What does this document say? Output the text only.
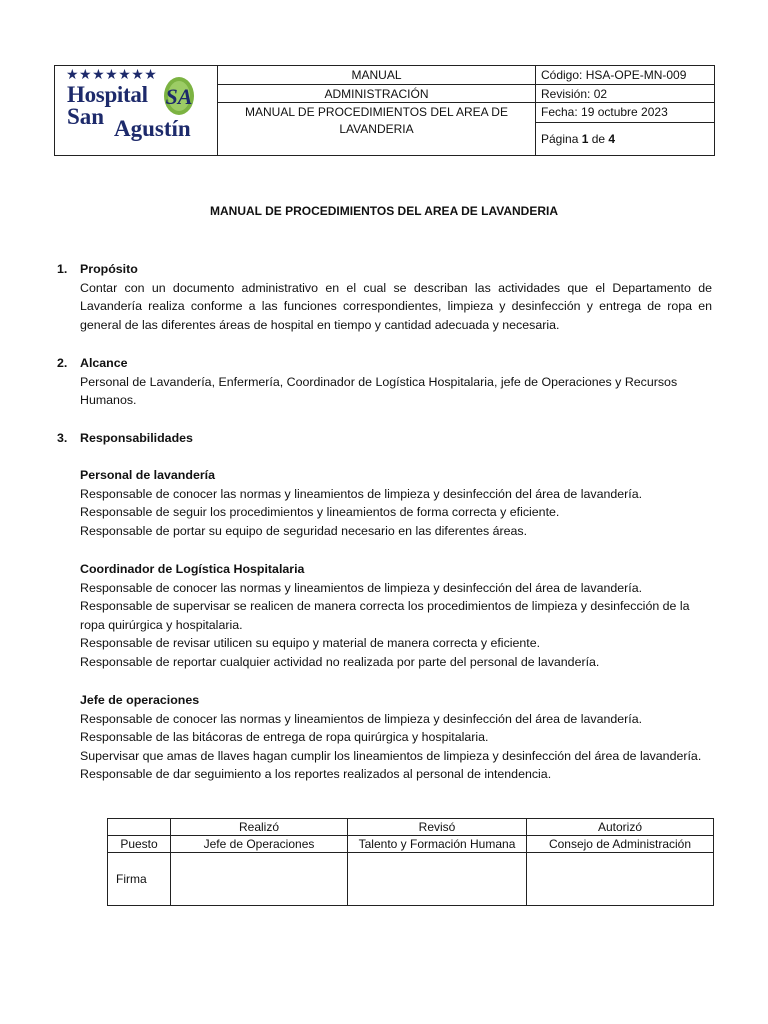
★★★★★★★
Hospital
San Agustín
SA	MANUAL	Código: HSA-OPE-MN-009
	ADMINISTRACIÓN	Revisión: 02
	MANUAL DE PROCEDIMIENTOS DEL AREA DE LAVANDERIA	Fecha: 19 octubre 2023
		Página 1 de 4
MANUAL DE PROCEDIMIENTOS DEL AREA DE LAVANDERIA
1. Propósito

Contar con un documento administrativo en el cual se describan las actividades que el Departamento de Lavandería realiza conforme a las funciones correspondientes, limpieza y desinfección y entrega de ropa en general de las diferentes áreas de hospital en tiempo y cantidad adecuada y necesaria.

2. Alcance

Personal de Lavandería, Enfermería, Coordinador de Logística Hospitalaria, jefe de Operaciones y Recursos Humanos.

3. Responsabilidades
Personal de lavandería
Responsable de conocer las normas y lineamientos de limpieza y desinfección del área de lavandería.
Responsable de seguir los procedimientos y lineamientos de forma correcta y eficiente.
Responsable de portar su equipo de seguridad necesario en las diferentes áreas.
Coordinador de Logística Hospitalaria
Responsable de conocer las normas y lineamientos de limpieza y desinfección del área de lavandería.
Responsable de supervisar se realicen de manera correcta los procedimientos de limpieza y desinfección de la
ropa quirúrgica y hospitalaria.
Responsable de revisar utilicen su equipo y material de manera correcta y eficiente.
Responsable de reportar cualquier actividad no realizada por parte del personal de lavandería.
Jefe de operaciones
Responsable de conocer las normas y lineamientos de limpieza y desinfección del área de lavandería.
Responsable de las bitácoras de entrega de ropa quirúrgica y hospitalaria.
Supervisar que amas de llaves hagan cumplir los lineamientos de limpieza y desinfección del área de lavandería.
Responsable de dar seguimiento a los reportes realizados al personal de intendencia.
	Realizó	Revisó	Autorizó
Puesto	Jefe de Operaciones	Talento y Formación Humana	Consejo de Administración
Firma			
